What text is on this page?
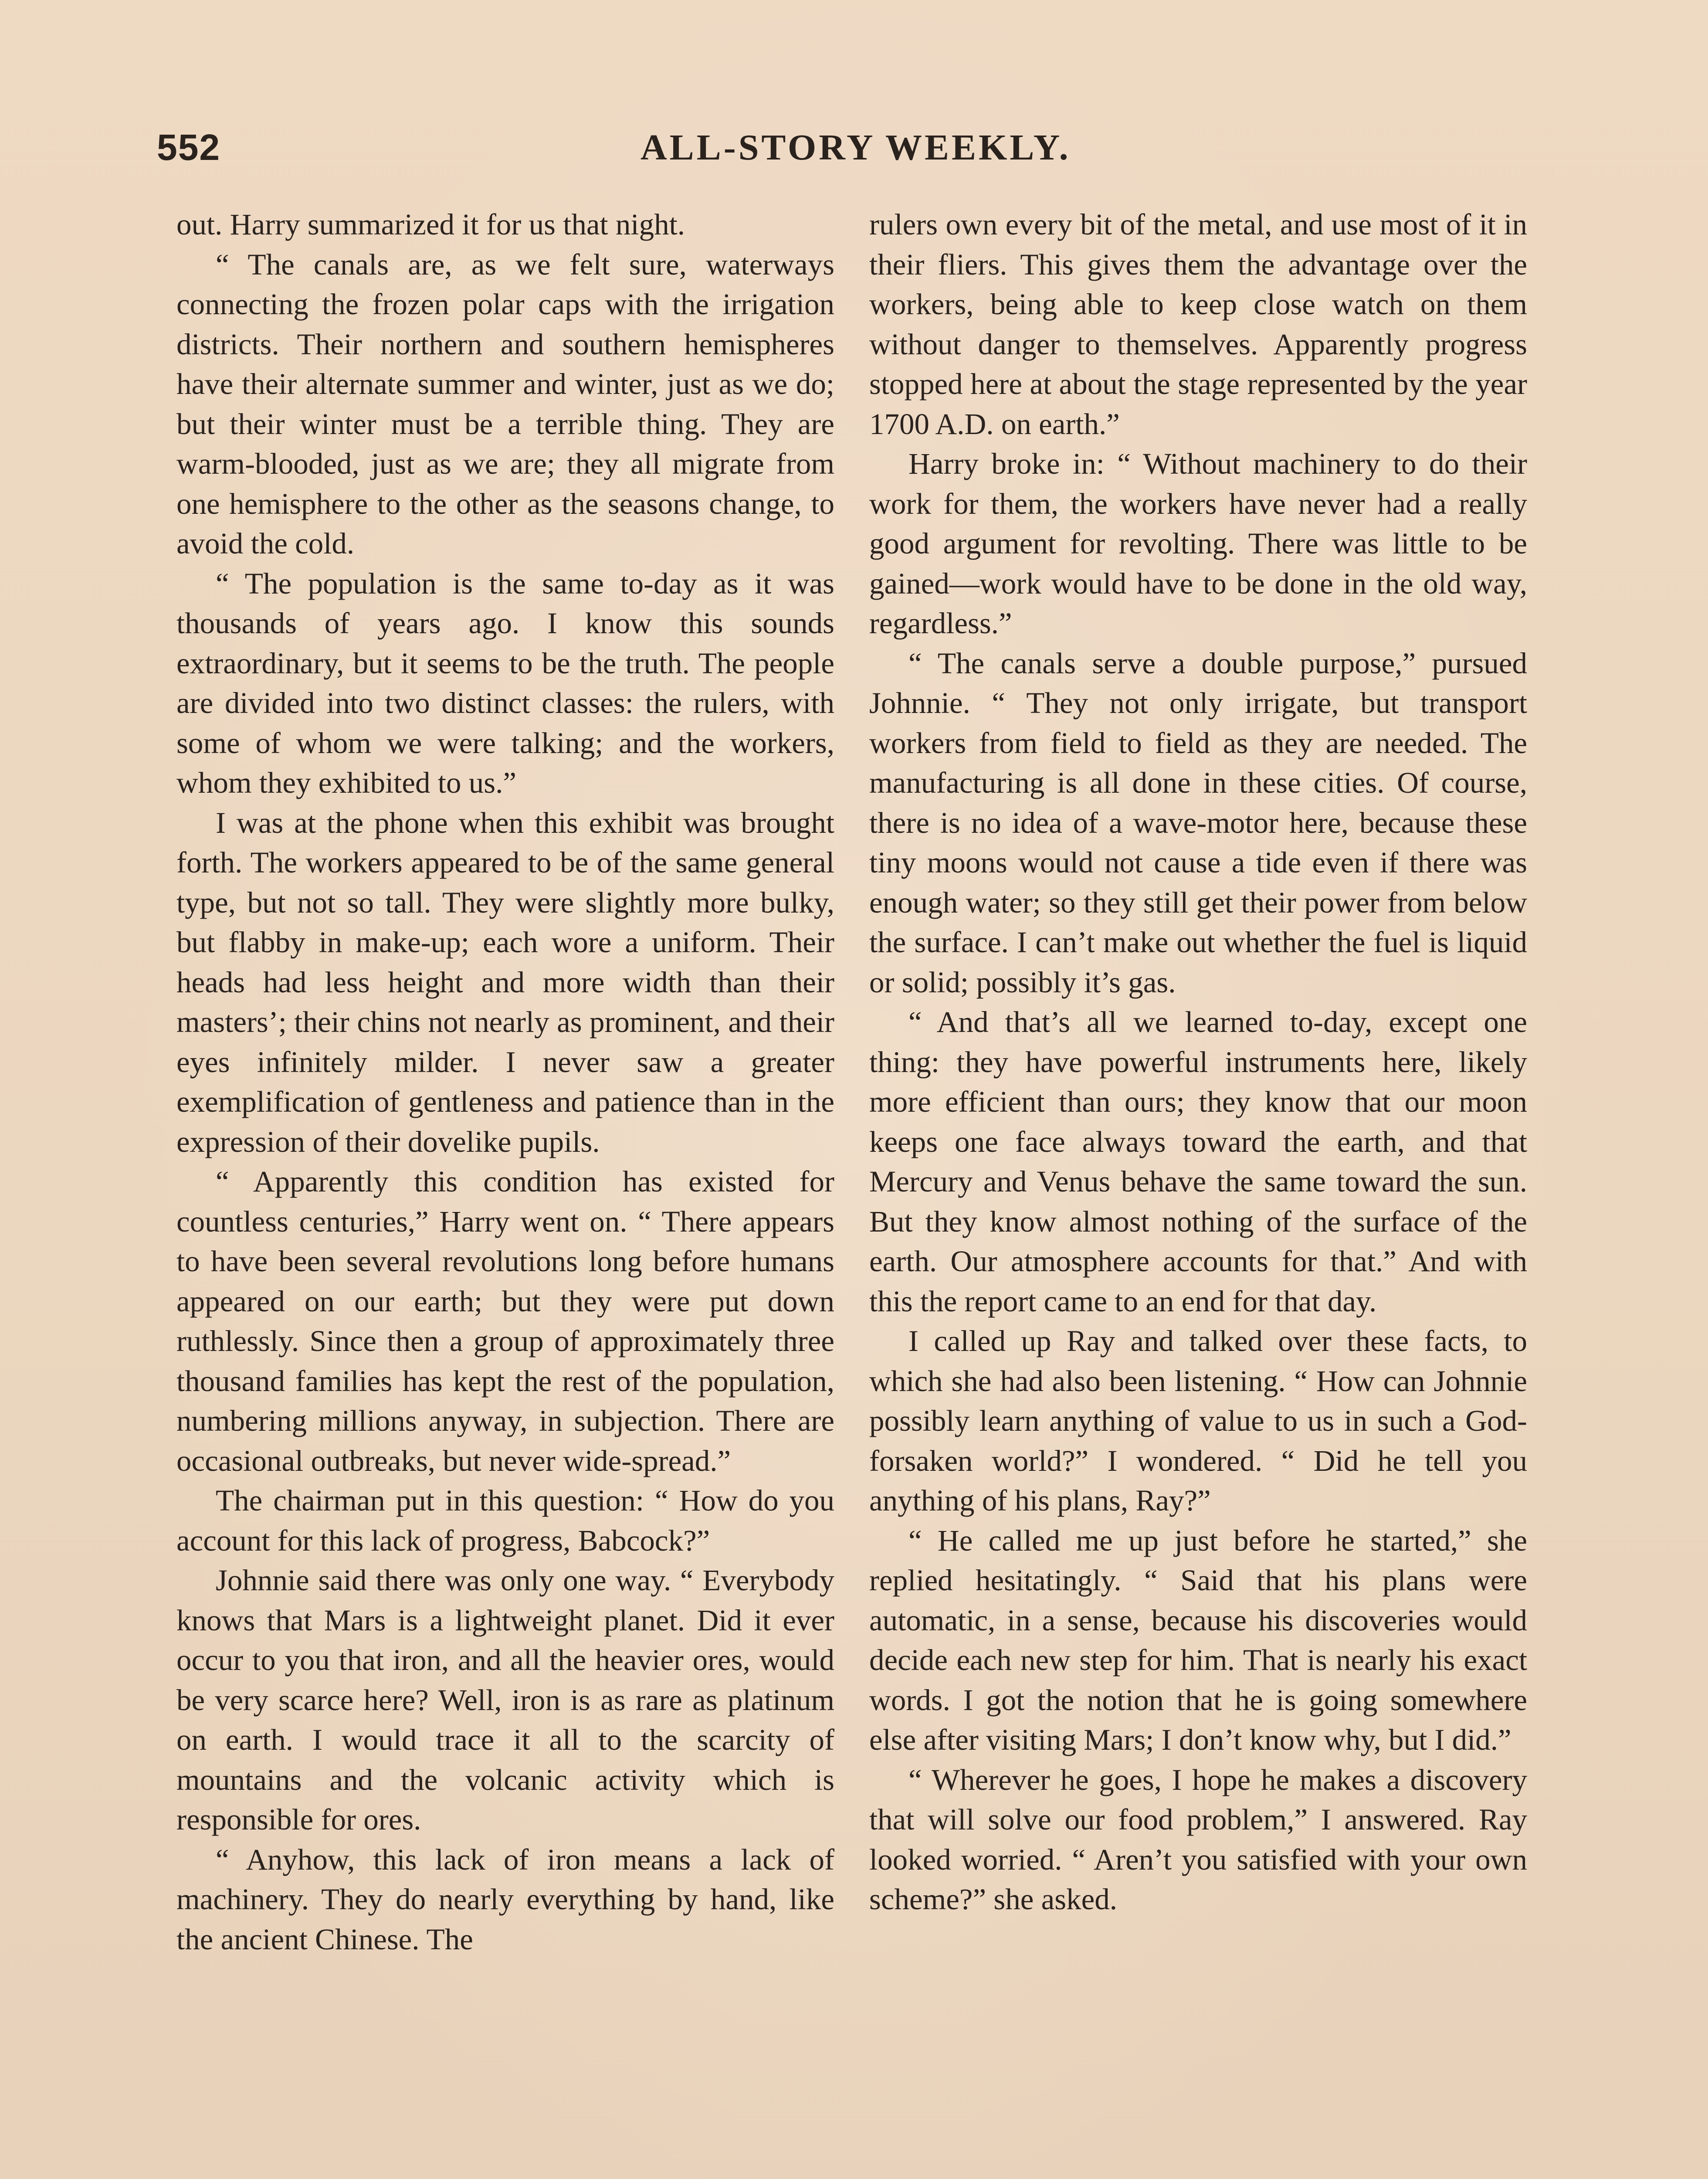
552	ALL-STORY WEEKLY.

out. Harry summarized it for us that night.

“ The canals are, as we felt sure, waterways connecting the frozen polar caps with the irrigation districts. Their northern and southern hemispheres have their alternate summer and winter, just as we do; but their winter must be a terrible thing. They are warm-blooded, just as we are; they all migrate from one hemisphere to the other as the seasons change, to avoid the cold.

“ The population is the same to-day as it was thousands of years ago. I know this sounds extraordinary, but it seems to be the truth. The people are divided into two distinct classes: the rulers, with some of whom we were talking; and the workers, whom they exhibited to us.”

I was at the phone when this exhibit was brought forth. The workers appeared to be of the same general type, but not so tall. They were slightly more bulky, but flabby in make-up; each wore a uniform. Their heads had less height and more width than their masters’; their chins not nearly as prominent, and their eyes infinitely milder. I never saw a greater exemplification of gentleness and patience than in the expression of their dovelike pupils.

“ Apparently this condition has existed for countless centuries,” Harry went on. “ There appears to have been several revolutions long before humans appeared on our earth; but they were put down ruthlessly. Since then a group of approximately three thousand families has kept the rest of the population, numbering millions anyway, in subjection. There are occasional outbreaks, but never wide-spread.”

The chairman put in this question: “ How do you account for this lack of progress, Babcock?”

Johnnie said there was only one way. “ Everybody knows that Mars is a lightweight planet. Did it ever occur to you that iron, and all the heavier ores, would be very scarce here? Well, iron is as rare as platinum on earth. I would trace it all to the scarcity of mountains and the volcanic activity which is responsible for ores.

“ Anyhow, this lack of iron means a lack of machinery. They do nearly everything by hand, like the ancient Chinese. The

rulers own every bit of the metal, and use most of it in their fliers. This gives them the advantage over the workers, being able to keep close watch on them without danger to themselves. Apparently progress stopped here at about the stage represented by the year 1700 A.D. on earth.”

Harry broke in: “ Without machinery to do their work for them, the workers have never had a really good argument for revolting. There was little to be gained—work would have to be done in the old way, regardless.”

“ The canals serve a double purpose,” pursued Johnnie. “ They not only irrigate, but transport workers from field to field as they are needed. The manufacturing is all done in these cities. Of course, there is no idea of a wave-motor here, because these tiny moons would not cause a tide even if there was enough water; so they still get their power from below the surface. I can’t make out whether the fuel is liquid or solid; possibly it’s gas.

“ And that’s all we learned to-day, except one thing: they have powerful instruments here, likely more efficient than ours; they know that our moon keeps one face always toward the earth, and that Mercury and Venus behave the same toward the sun. But they know almost nothing of the surface of the earth. Our atmosphere accounts for that.” And with this the report came to an end for that day.

I called up Ray and talked over these facts, to which she had also been listening. “ How can Johnnie possibly learn anything of value to us in such a God-forsaken world?” I wondered. “ Did he tell you anything of his plans, Ray?”

“ He called me up just before he started,” she replied hesitatingly. “ Said that his plans were automatic, in a sense, because his discoveries would decide each new step for him. That is nearly his exact words. I got the notion that he is going somewhere else after visiting Mars; I don’t know why, but I did.”

“ Wherever he goes, I hope he makes a discovery that will solve our food problem,” I answered. Ray looked worried. “ Aren’t you satisfied with your own scheme?” she asked.
